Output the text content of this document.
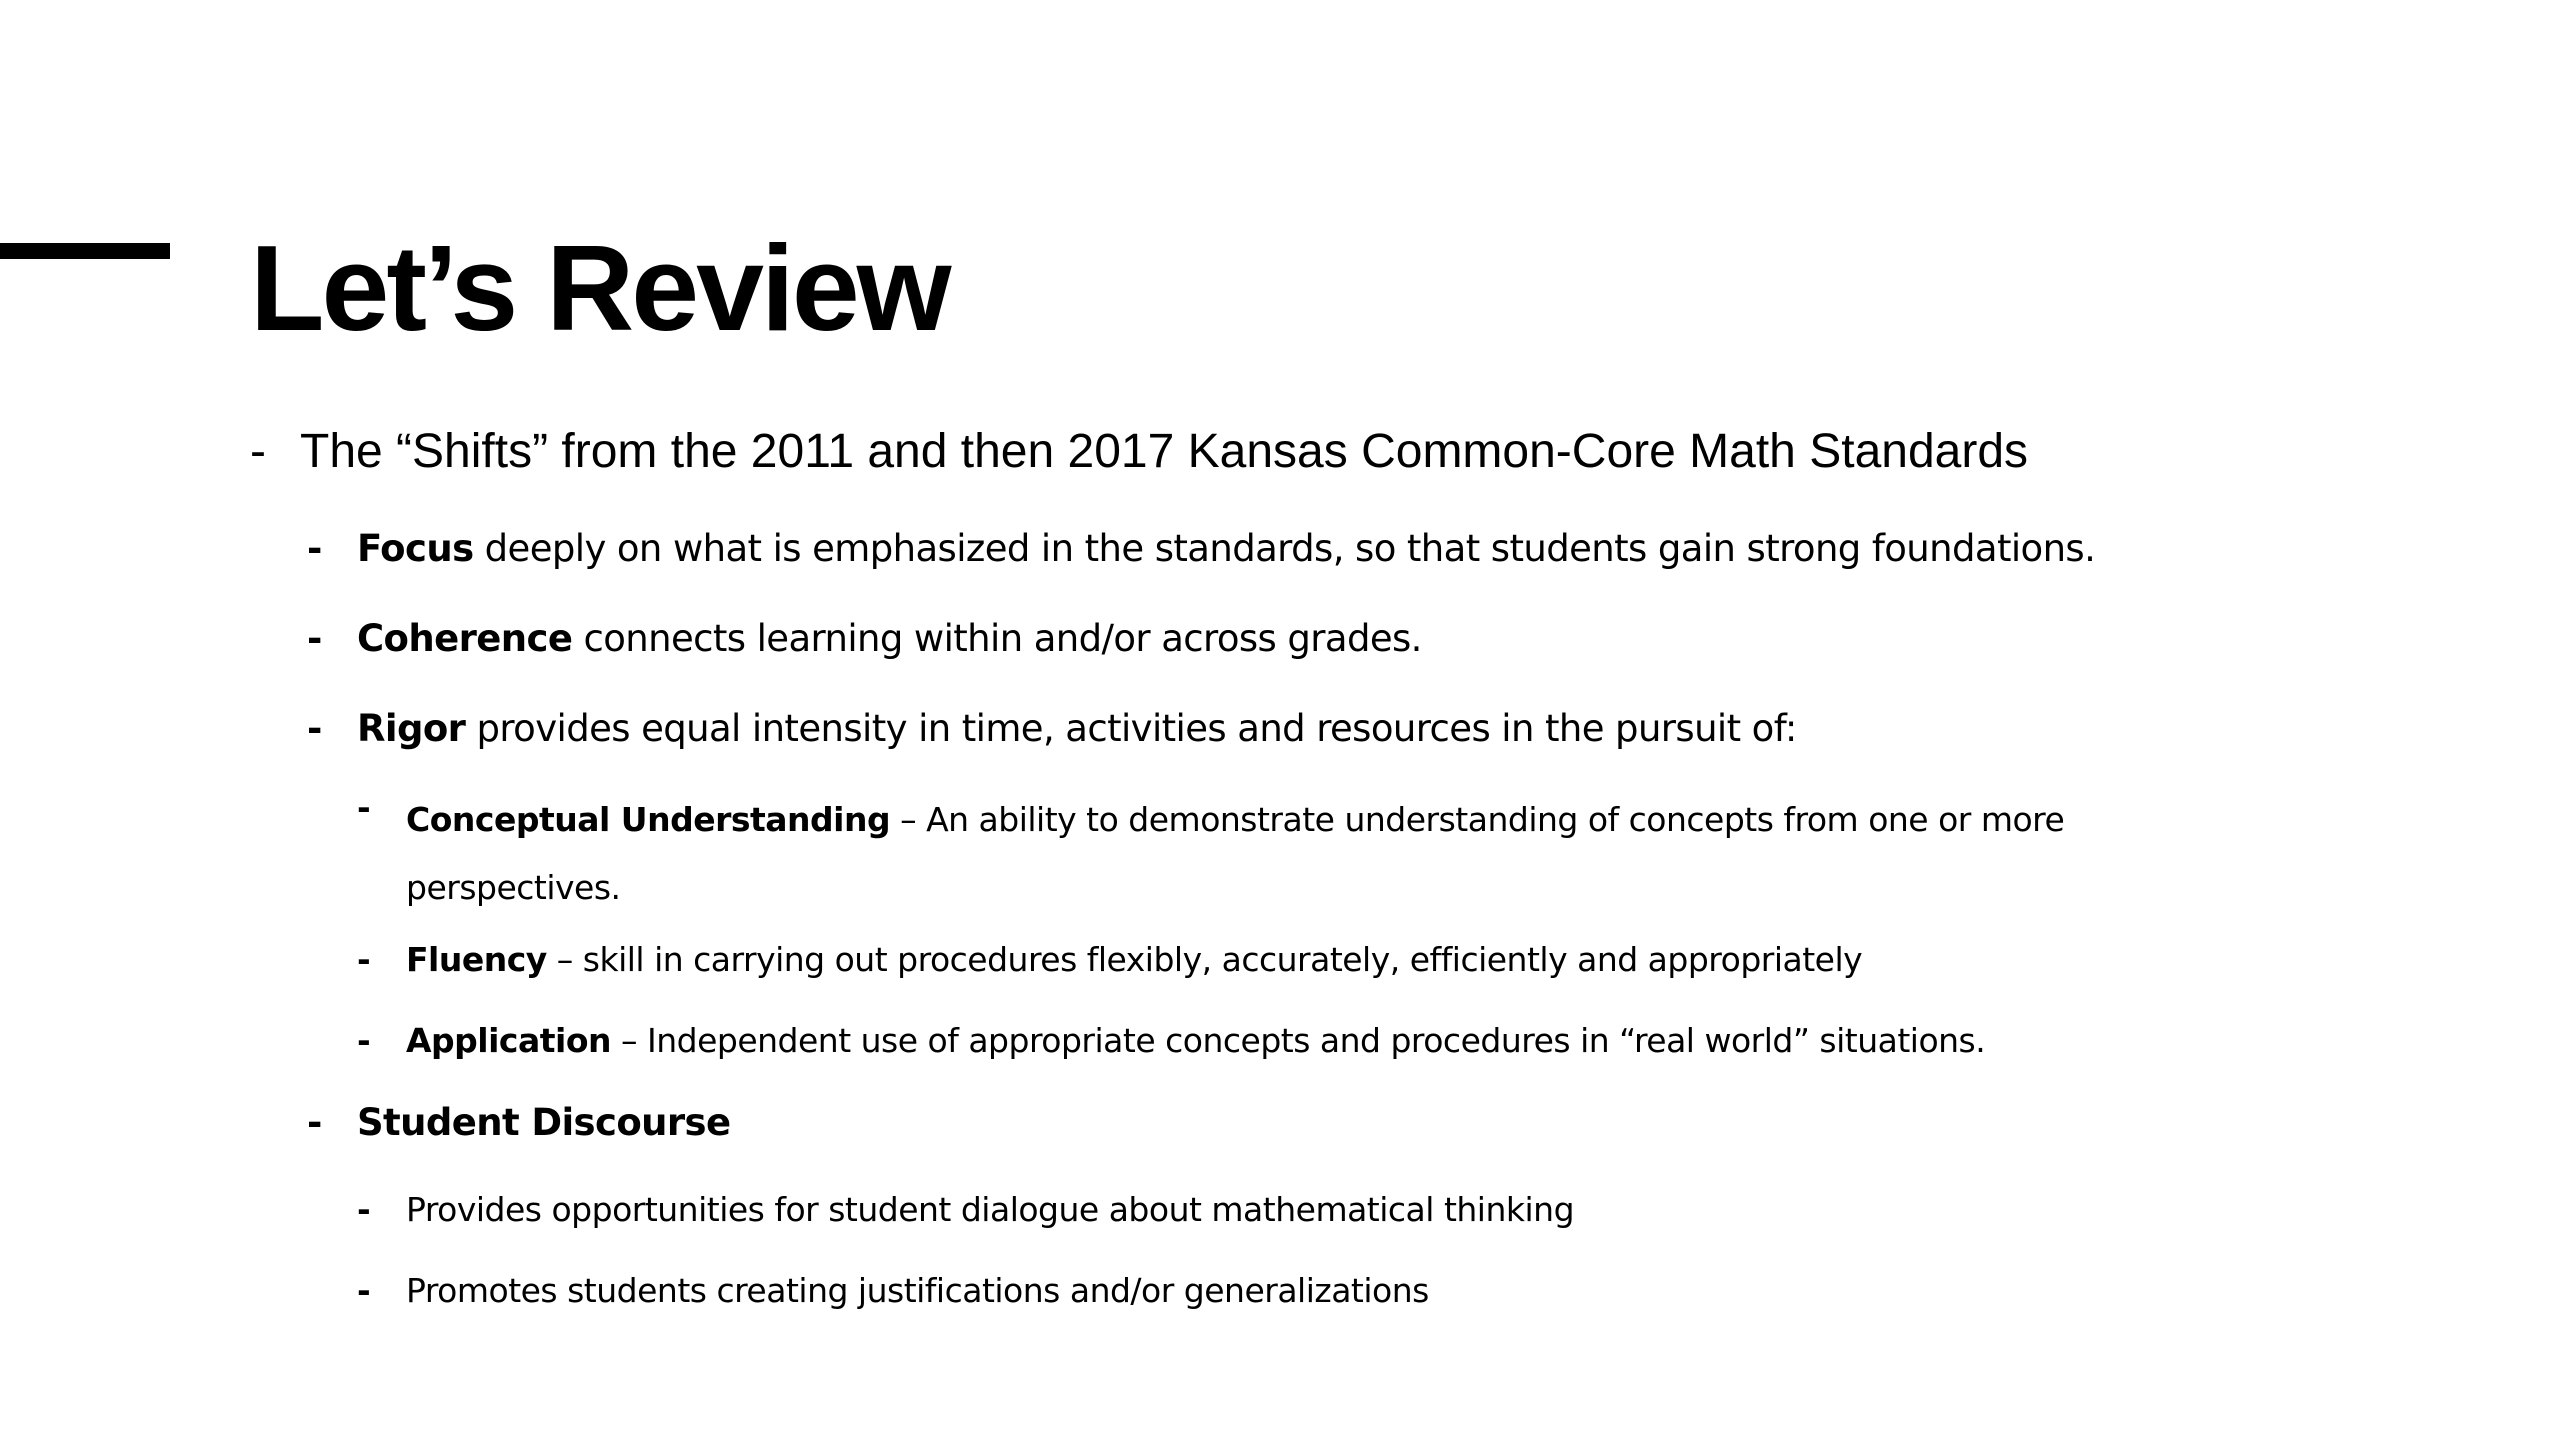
Let’s Review
- The “Shifts” from the 2011 and then 2017 Kansas Common-Core Math Standards
- Focus deeply on what is emphasized in the standards, so that students gain strong foundations.
- Coherence connects learning within and/or across grades.
- Rigor provides equal intensity in time, activities and resources in the pursuit of:
- Conceptual Understanding – An ability to demonstrate understanding of concepts from one or more perspectives.
- Fluency – skill in carrying out procedures flexibly, accurately, efficiently and appropriately
- Application – Independent use of appropriate concepts and procedures in “real world” situations.
- Student Discourse
- Provides opportunities for student dialogue about mathematical thinking
- Promotes students creating justifications and/or generalizations
